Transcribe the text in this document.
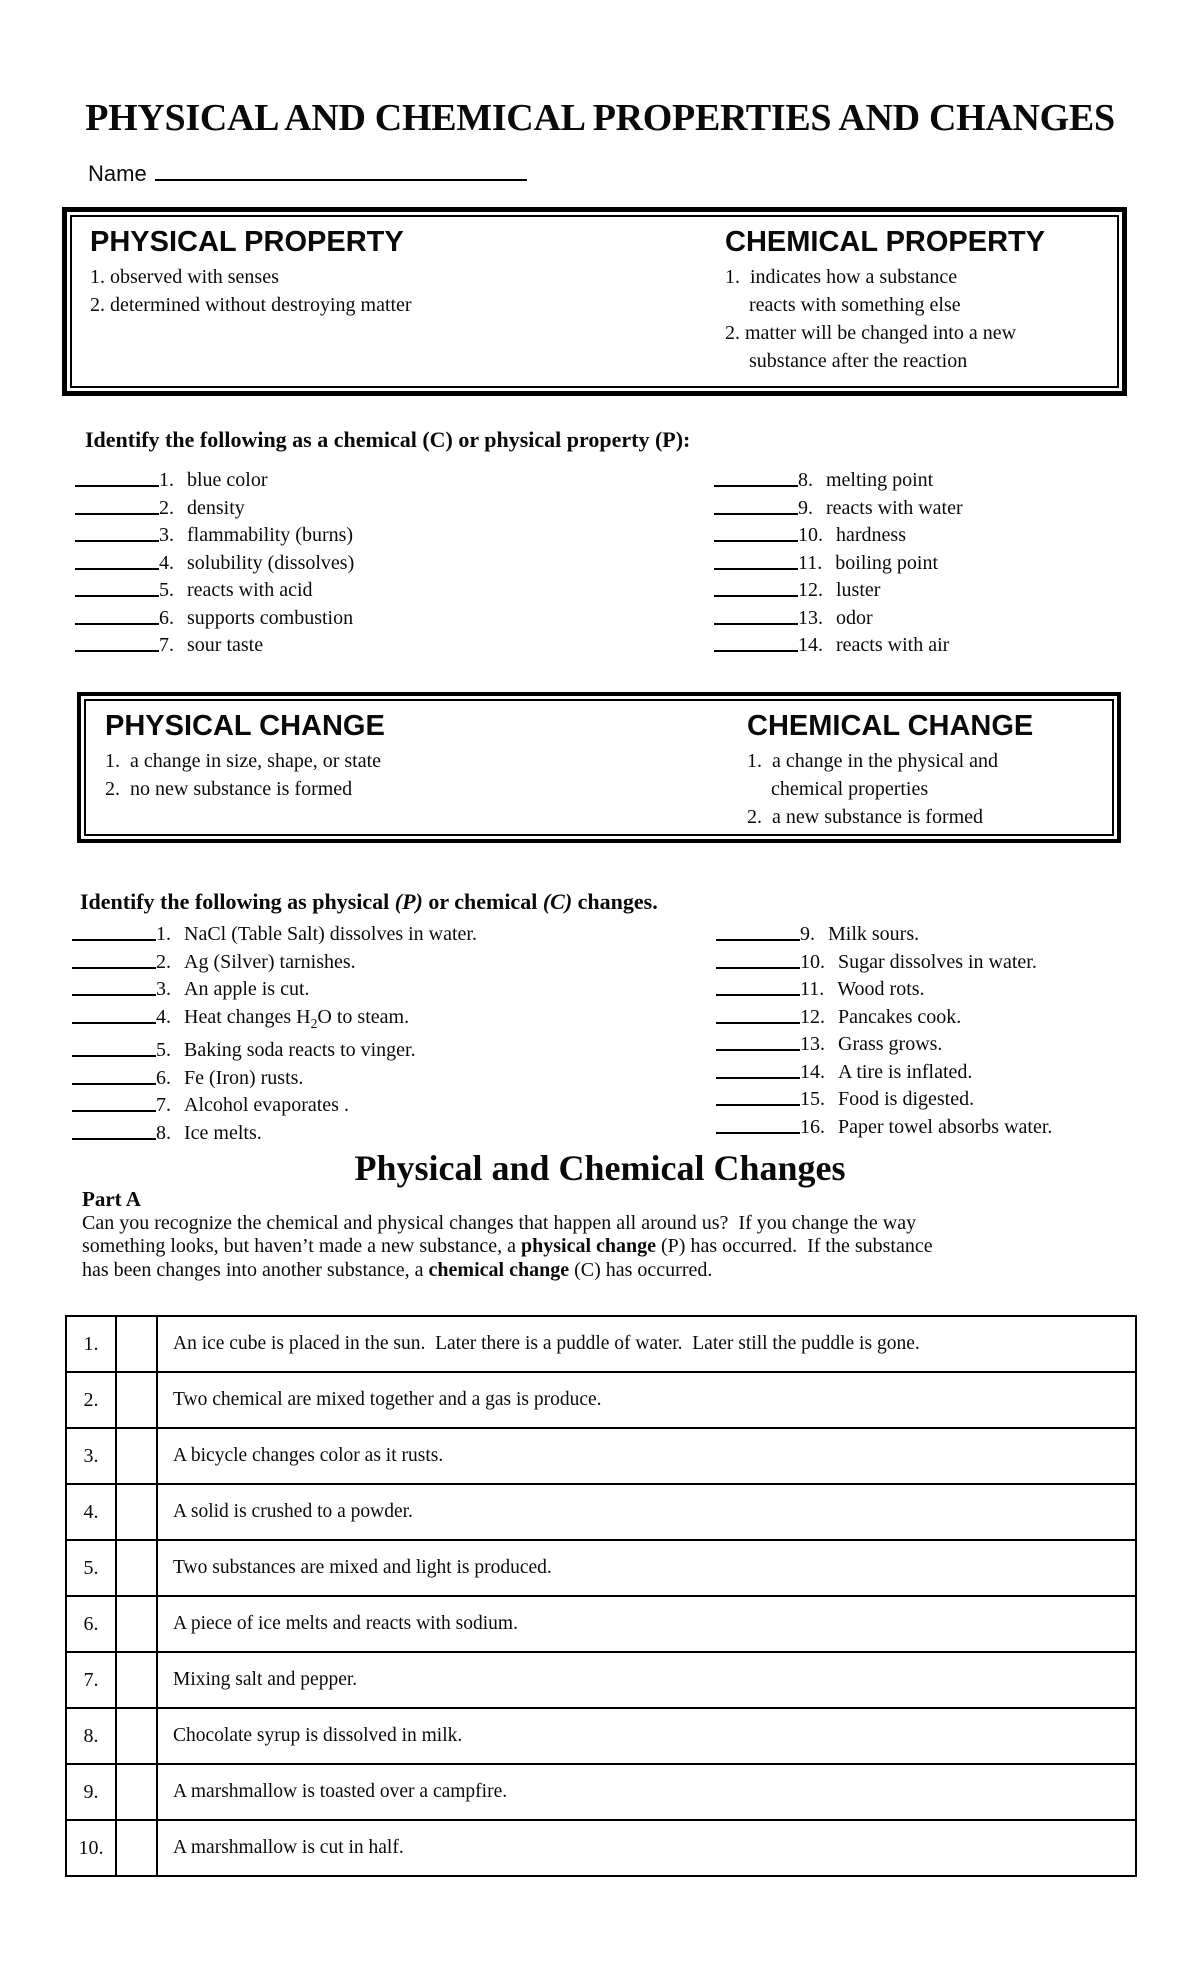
PHYSICAL AND CHEMICAL PROPERTIES AND CHANGES
Name
PHYSICAL PROPERTY
1. observed with senses
2. determined without destroying matter
CHEMICAL PROPERTY
1.  indicates how a substance
reacts with something else
2. matter will be changed into a new
substance after the reaction
Identify the following as a chemical (C) or physical property (P):
1. blue color
2. density
3. flammability (burns)
4. solubility (dissolves)
5. reacts with acid
6. supports combustion
7. sour taste
8. melting point
9. reacts with water
10. hardness
11. boiling point
12. luster
13. odor
14. reacts with air
PHYSICAL CHANGE
1.  a change in size, shape, or state
2.  no new substance is formed
CHEMICAL CHANGE
1.  a change in the physical and
chemical properties
2.  a new substance is formed
Identify the following as physical (P) or chemical (C) changes.
1. NaCl (Table Salt) dissolves in water.
2. Ag (Silver) tarnishes.
3. An apple is cut.
4. Heat changes $H_2O$ to steam.
5. Baking soda reacts to vinger.
6. Fe (Iron) rusts.
7. Alcohol evaporates .
8. Ice melts.
9. Milk sours.
10. Sugar dissolves in water.
11. Wood rots.
12. Pancakes cook.
13. Grass grows.
14. A tire is inflated.
15. Food is digested.
16. Paper towel absorbs water.
Physical and Chemical Changes
Part A
Can you recognize the chemical and physical changes that happen all around us?  If you change the way
something looks, but haven’t made a new substance, a physical change (P) has occurred.  If the substance
has been changes into another substance, a chemical change (C) has occurred.
1.	An ice cube is placed in the sun.  Later there is a puddle of water.  Later still the puddle is gone.
2.	Two chemical are mixed together and a gas is produce.
3.	A bicycle changes color as it rusts.
4.	A solid is crushed to a powder.
5.	Two substances are mixed and light is produced.
6.	A piece of ice melts and reacts with sodium.
7.	Mixing salt and pepper.
8.	Chocolate syrup is dissolved in milk.
9.	A marshmallow is toasted over a campfire.
10.	A marshmallow is cut in half.
